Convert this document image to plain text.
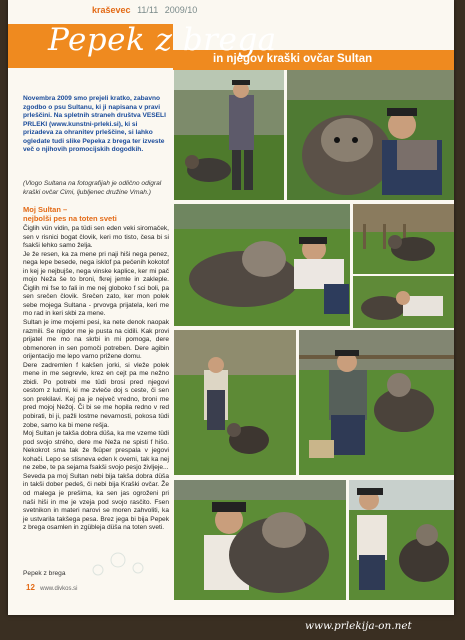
kraševec 11/11 2009/10
Pepek z brega
in njegov kraški ovčar Sultan
Novembra 2009 smo prejeli kratko, zabavno zgodbo o psu Sultanu, ki ji napisana v pravi prleščini. Na spletnih straneh društva VESELI PRLEKI (www.kunstni-prleki.si), ki si prizadeva za ohranitev prleščine, si lahko ogledate tudi slike Pepeka z brega ter izveste več o njihovih promocijskih dogodkih.
(Vlogo Sultana na fotografijah je odlično odigral kraški ovčar Cimi, ljubljenec družine Vmah.)
Moj Sultan –
nejbolši pes na toten sveti

Čiglih vün vidin, pa tüdi sen eden veki siromaček, sen v risnici bogat človik, keri mo tisto, česa bi si fsakši lehko samo želja.

Je že resen, ka za mene pri naji hiši nega penez, nega lepe besede, nega isklof pa pečenih kokotof in kej je nejbujše, nega vinske kaplice, ker mi pač mojo Neža še to broni, fkrej jemle in zakleple. Čiglih mi fse to fali in me nej globoko f sci boli, pa sen srečen človik. Srečen zato, ker mon polek sebe mojega Sultana - prvovga prijatela, keri me mo rad in keri skbi za mene.

Sultan je ime mojemi pesi, ka nete denok naopak razmili. Se nigdor me je pusta na cidili. Kak provi prijatel me mo na skrbi in mi pomoga, dere obmenoren in sen pomoči potreben. Dere agibin orijentacijo me lepo varno priženе domu.

Dere zadremlen f kakšen jorki, si vleže polek mene in me segrevle, krez en cejt pa me nežno zbidi. Po potrebi me tüdi brosi pred njegovi cestom z ludmi, ki me zvleče doj s ceste, či sen son prekilavi. Kej pa je nejveč vredno, broni me pred mojoj Nežoj. Či bi se me hopila redno v red pobirati, bi ji, pažli lostme nevarnosti, pokosa tüdi zobe, samo ka bi mene rešja.

Moj Sultan je takša dobra düša, ka me vzeme tüdi pod svojo strého, dere me Neža ne spisti f hišo. Nekokrot sma tak že fküper prespala v jegovi kohači. Lepo se stisneva eden k ovemi, tak ka nej ne zebe, te pa sejama fsakši svojo pesjo življeje...

Seveda pa moj Sultan nebi bija takša dobra düša in takši dober pedeš, či nebi bija Kraški ovčar. Že od malega je prešima, ka sen jas ogroženi pri naši hiši in me je vzeja pod svojo rasčito. Fsen svetnikon in materi narovi se moren zahvoliti, ka je ustvarila takšega pesa. Brez jega bi bija Pepek z brega osamlen in zgübleja düša na toten sveti.

Pepek z brega
12 www.divkos.si
www.prlekija-on.net
